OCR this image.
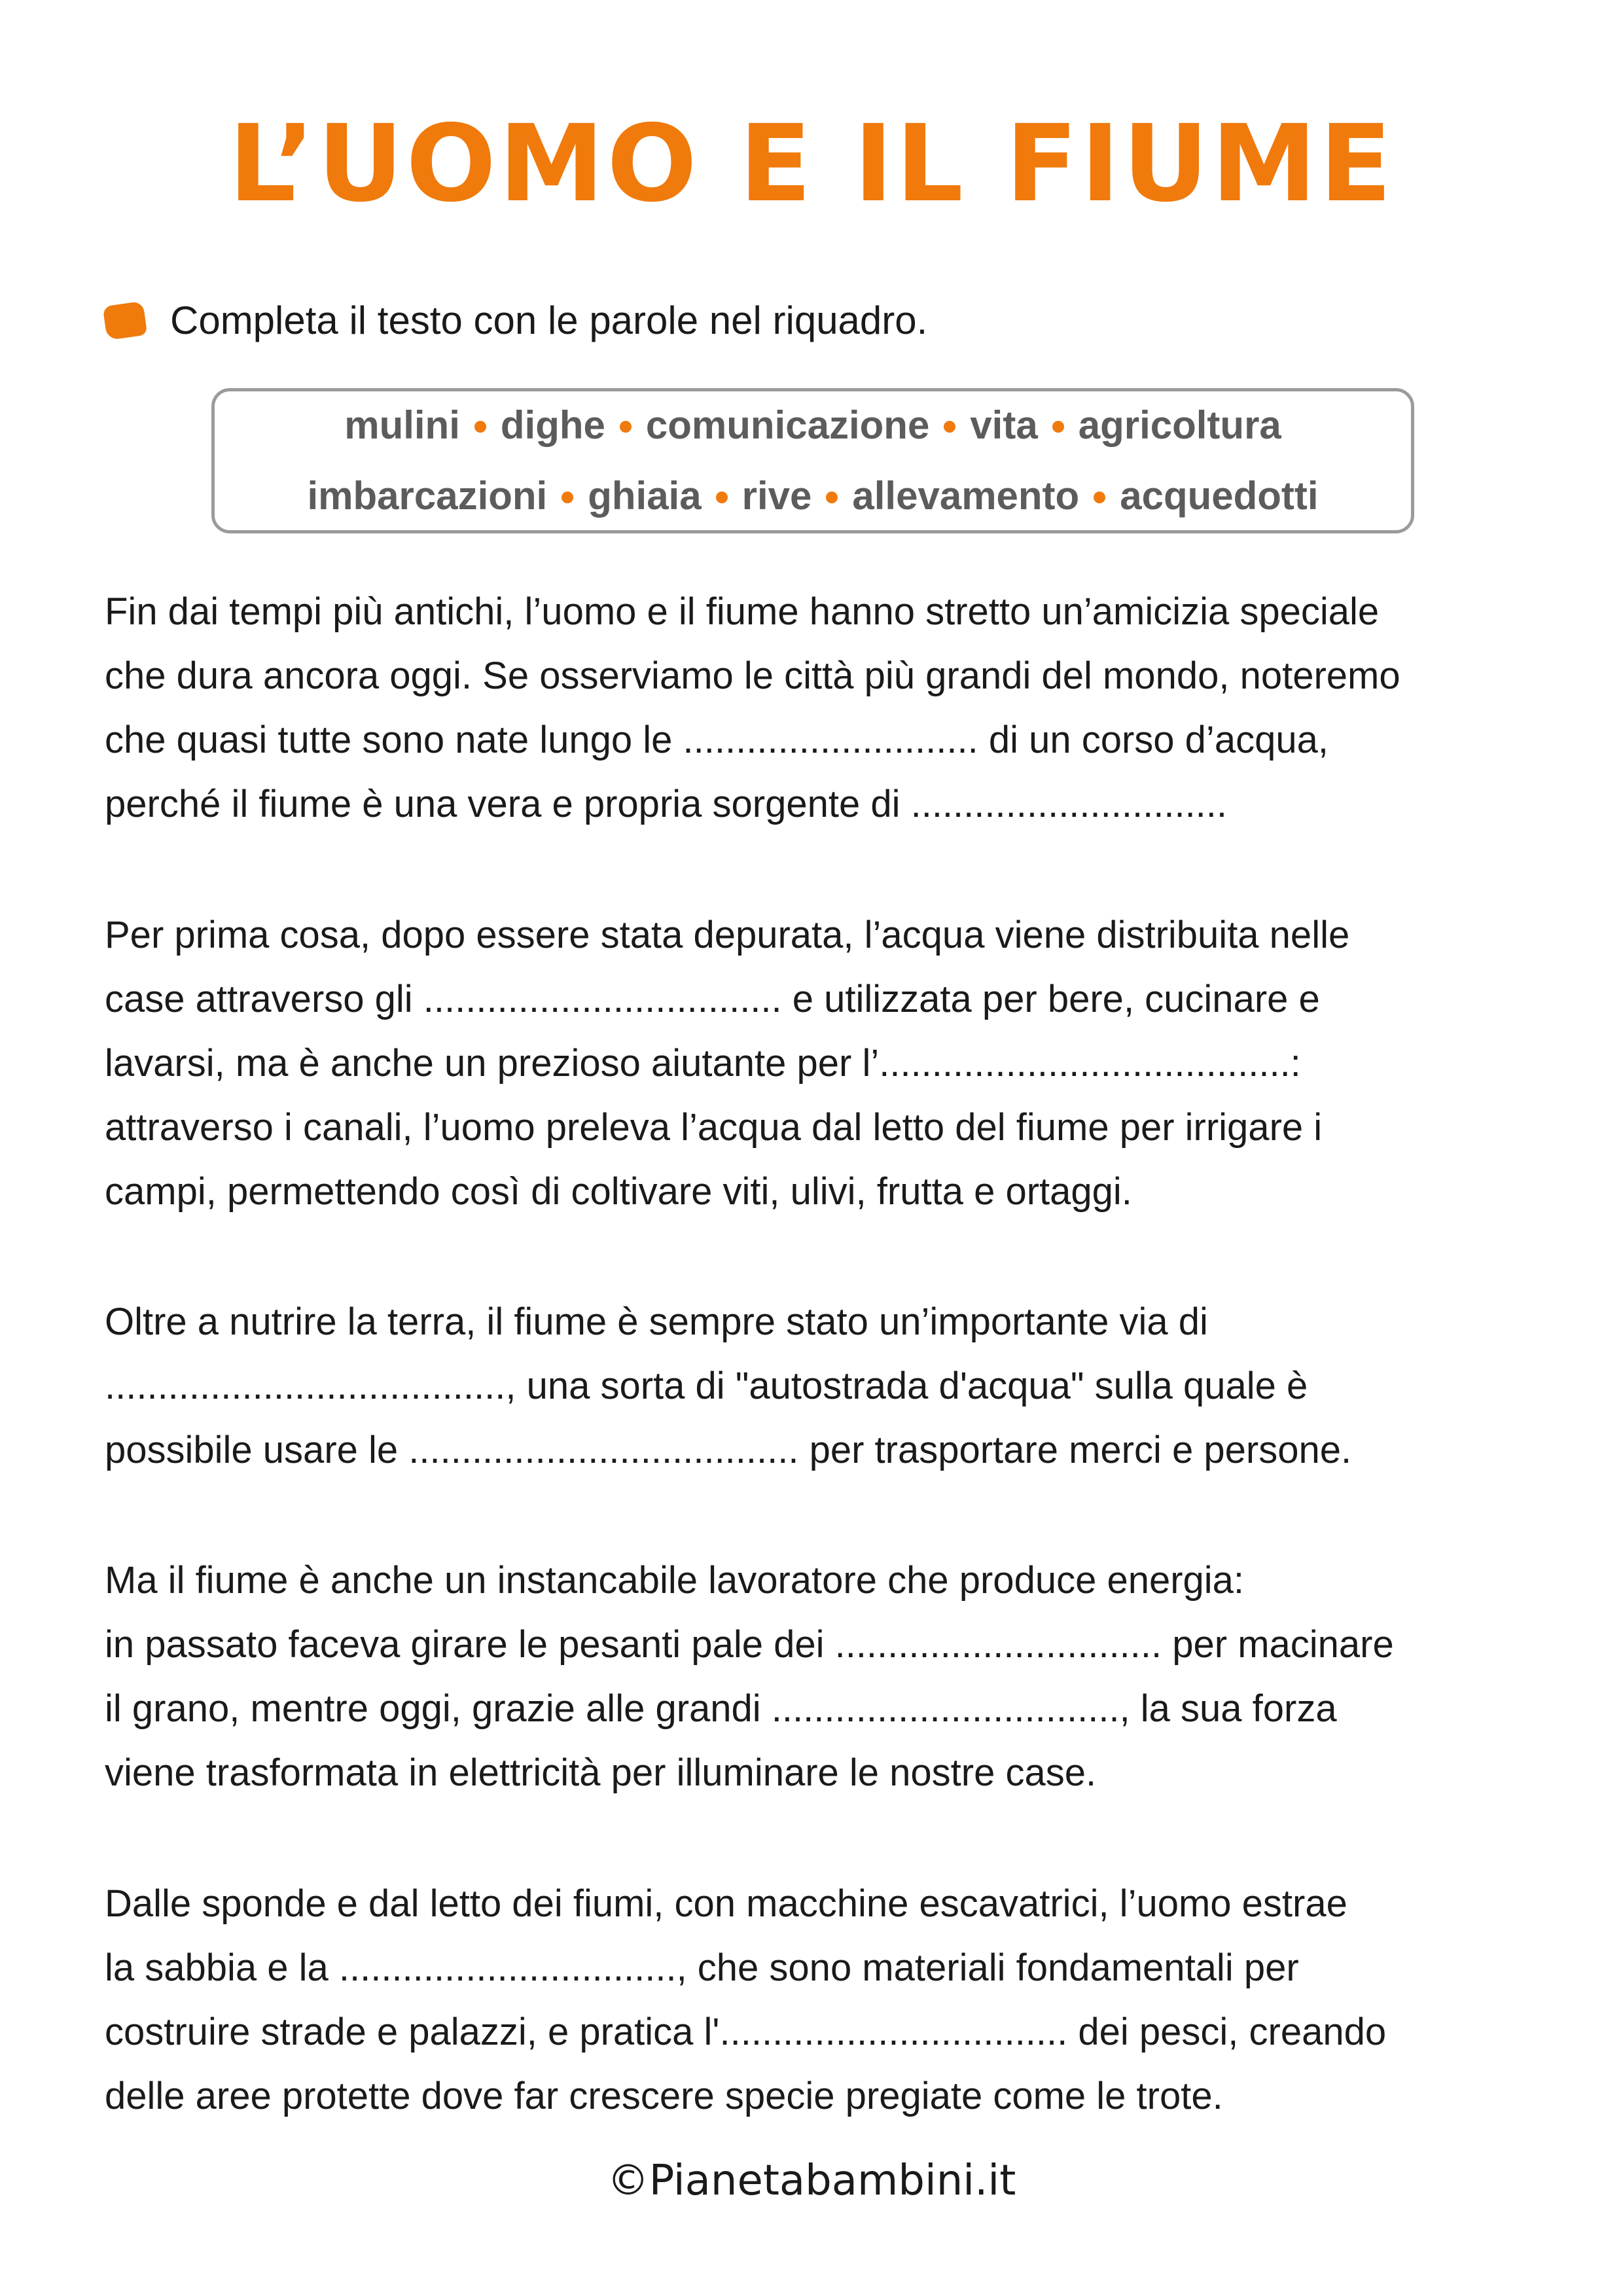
L’UOMO E IL FIUME
Completa il testo con le parole nel riquadro.
mulini dighe comunicazione vita agricoltura
imbarcazioni ghiaia rive allevamento acquedotti

Fin dai tempi più antichi, l’uomo e il fiume hanno stretto un’amicizia speciale
che dura ancora oggi. Se osserviamo le città più grandi del mondo, noteremo
che quasi tutte sono nate lungo le ............................ di un corso d’acqua,
perché il fiume è una vera e propria sorgente di ..............................

Per prima cosa, dopo essere stata depurata, l’acqua viene distribuita nelle
case attraverso gli .................................. e utilizzata per bere, cucinare e
lavarsi, ma è anche un prezioso aiutante per l’.......................................:
attraverso i canali, l’uomo preleva l’acqua dal letto del fiume per irrigare i
campi, permettendo così di coltivare viti, ulivi, frutta e ortaggi.

Oltre a nutrire la terra, il fiume è sempre stato un’importante via di
......................................, una sorta di "autostrada d'acqua" sulla quale è
possibile usare le ..................................... per trasportare merci e persone.

Ma il fiume è anche un instancabile lavoratore che produce energia:
in passato faceva girare le pesanti pale dei ............................... per macinare
il grano, mentre oggi, grazie alle grandi ................................., la sua forza
viene trasformata in elettricità per illuminare le nostre case.

Dalle sponde e dal letto dei fiumi, con macchine escavatrici, l’uomo estrae
la sabbia e la ................................, che sono materiali fondamentali per
costruire strade e palazzi, e pratica l'................................. dei pesci, creando
delle aree protette dove far crescere specie pregiate come le trote.

©Pianetabambini.it
